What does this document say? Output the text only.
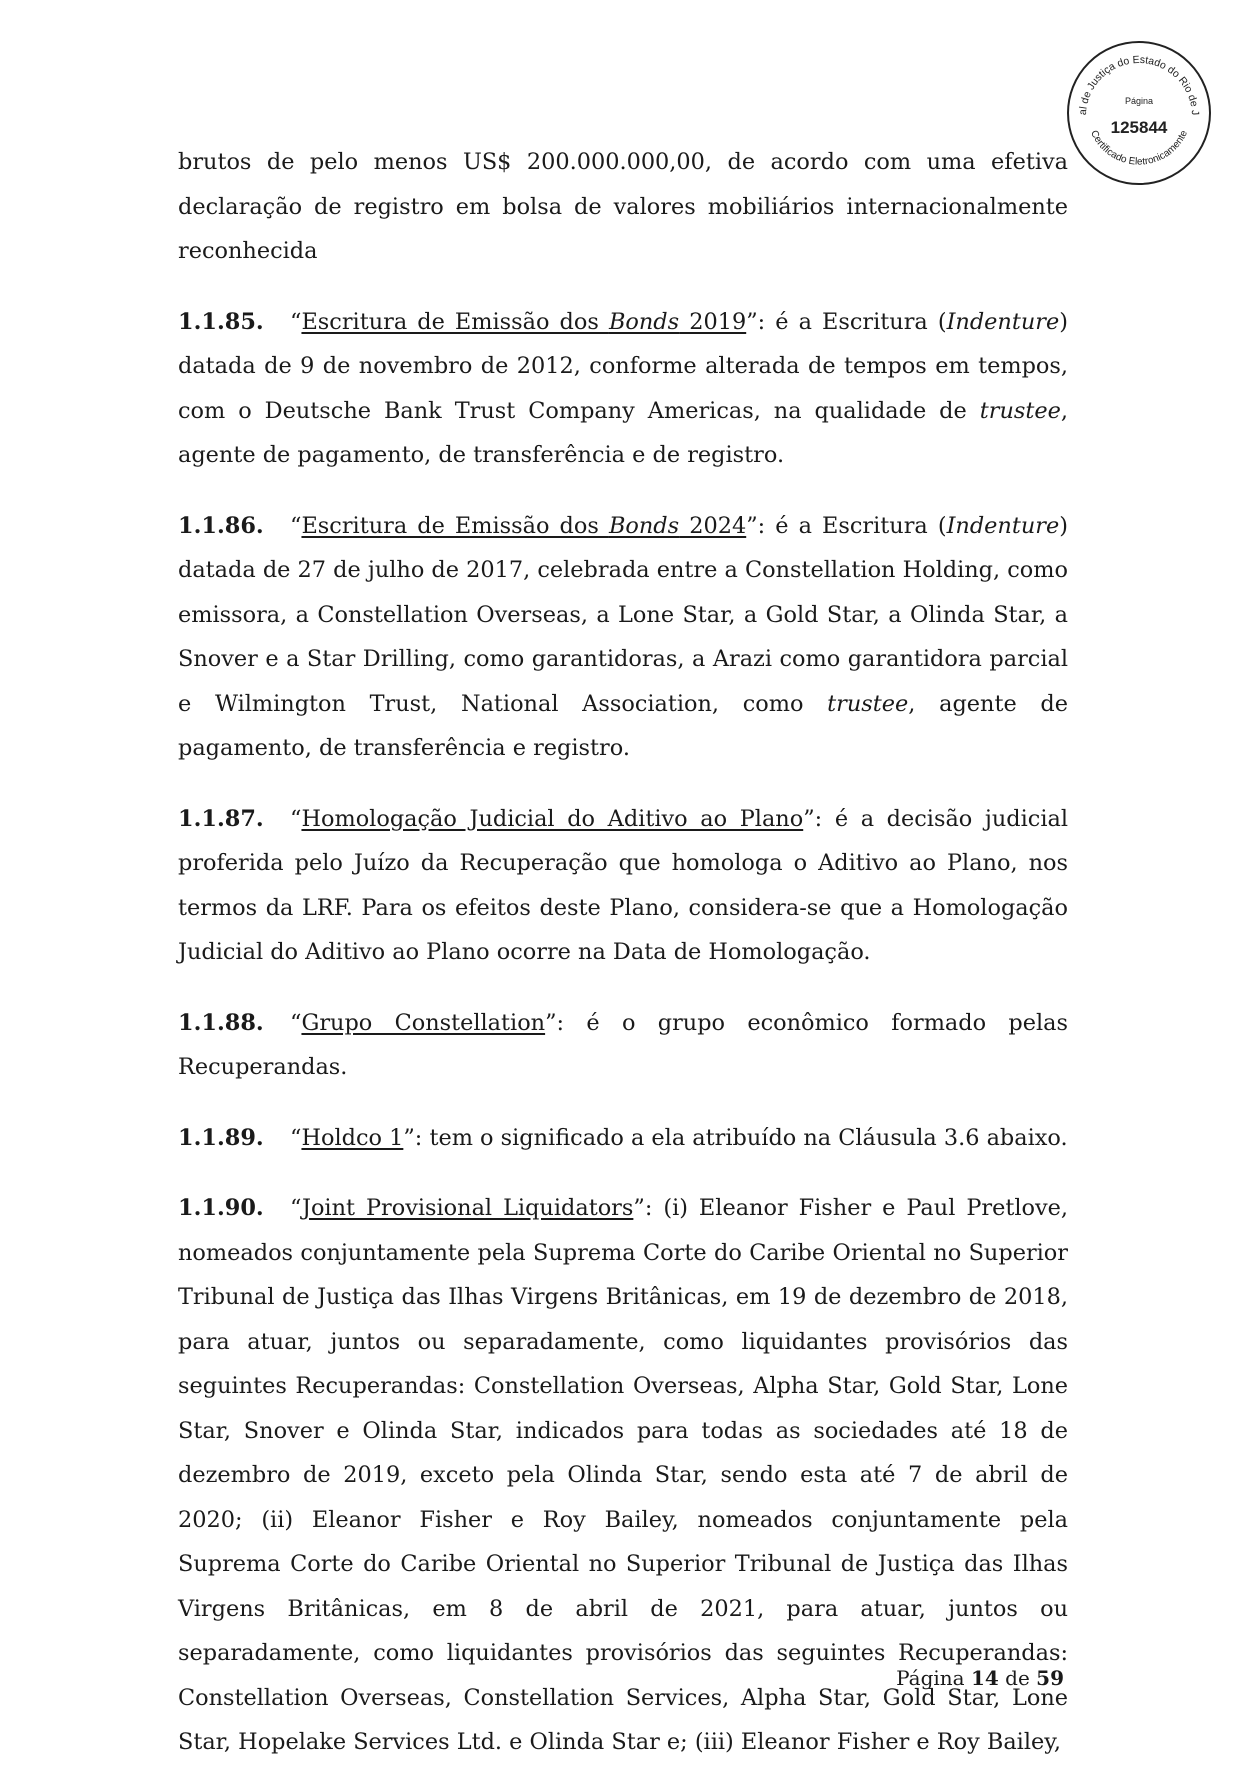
al de Justiça do Estado do Rio de J
Certificado Eletronicamente
Página
125844

brutos de pelo menos US$ 200.000.000,00, de acordo com uma efetiva declaração de registro em bolsa de valores mobiliários internacionalmente reconhecida

1.1.85. “Escritura de Emissão dos Bonds 2019”: é a Escritura (Indenture) datada de 9 de novembro de 2012, conforme alterada de tempos em tempos, com o Deutsche Bank Trust Company Americas, na qualidade de trustee, agente de pagamento, de transferência e de registro.

1.1.86. “Escritura de Emissão dos Bonds 2024”: é a Escritura (Indenture) datada de 27 de julho de 2017, celebrada entre a Constellation Holding, como emissora, a Constellation Overseas, a Lone Star, a Gold Star, a Olinda Star, a Snover e a Star Drilling, como garantidoras, a Arazi como garantidora parcial e Wilmington Trust, National Association, como trustee, agente de pagamento, de transferência e registro.

1.1.87. “Homologação Judicial do Aditivo ao Plano”: é a decisão judicial proferida pelo Juízo da Recuperação que homologa o Aditivo ao Plano, nos termos da LRF. Para os efeitos deste Plano, considera-se que a Homologação Judicial do Aditivo ao Plano ocorre na Data de Homologação.

1.1.88. “Grupo Constellation”: é o grupo econômico formado pelas Recuperandas.

1.1.89. “Holdco 1”: tem o significado a ela atribuído na Cláusula 3.6 abaixo.

1.1.90. “Joint Provisional Liquidators”: (i) Eleanor Fisher e Paul Pretlove, nomeados conjuntamente pela Suprema Corte do Caribe Oriental no Superior Tribunal de Justiça das Ilhas Virgens Britânicas, em 19 de dezembro de 2018, para atuar, juntos ou separadamente, como liquidantes provisórios das seguintes Recuperandas: Constellation Overseas, Alpha Star, Gold Star, Lone Star, Snover e Olinda Star, indicados para todas as sociedades até 18 de dezembro de 2019, exceto pela Olinda Star, sendo esta até 7 de abril de 2020; (ii) Eleanor Fisher e Roy Bailey, nomeados conjuntamente pela Suprema Corte do Caribe Oriental no Superior Tribunal de Justiça das Ilhas Virgens Britânicas, em 8 de abril de 2021, para atuar, juntos ou separadamente, como liquidantes provisórios das seguintes Recuperandas: Constellation Overseas, Constellation Services, Alpha Star, Gold Star, Lone Star, Hopelake Services Ltd. e Olinda Star e; (iii) Eleanor Fisher e Roy Bailey,

Página 14 de 59
